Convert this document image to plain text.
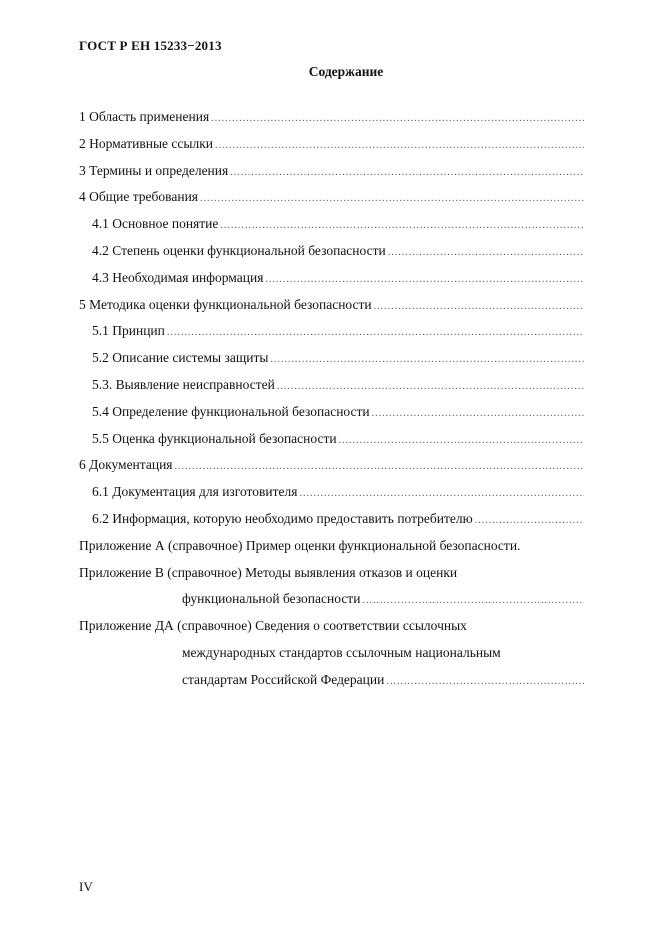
ГОСТ Р ЕН 15233−2013
Содержание
1 Область применения
.....
2 Нормативные ссылки
.....
3 Термины и определения
.....
4 Общие требования
.....
4.1 Основное понятие
.....
4.2 Степень оценки функциональной безопасности
.....
4.3 Необходимая информация
.....
5 Методика оценки функциональной безопасности
.....
5.1 Принцип
.....
5.2 Описание системы защиты
.....
5.3. Выявление неисправностей
.....
5.4 Определение функциональной безопасности
.....
5.5 Оценка функциональной безопасности
.....
6 Документация
.....
6.1 Документация для изготовителя
.....
6.2 Информация, которую необходимо предоставить потребителю
.....
Приложение А (справочное) Пример оценки функциональной безопасности.
Приложение В (справочное) Методы выявления отказов и оценки
функциональной безопасности
.....
Приложение ДА (справочное) Сведения о соответствии ссылочных
международных стандартов ссылочным национальным
стандартам Российской Федерации
.....
IV
